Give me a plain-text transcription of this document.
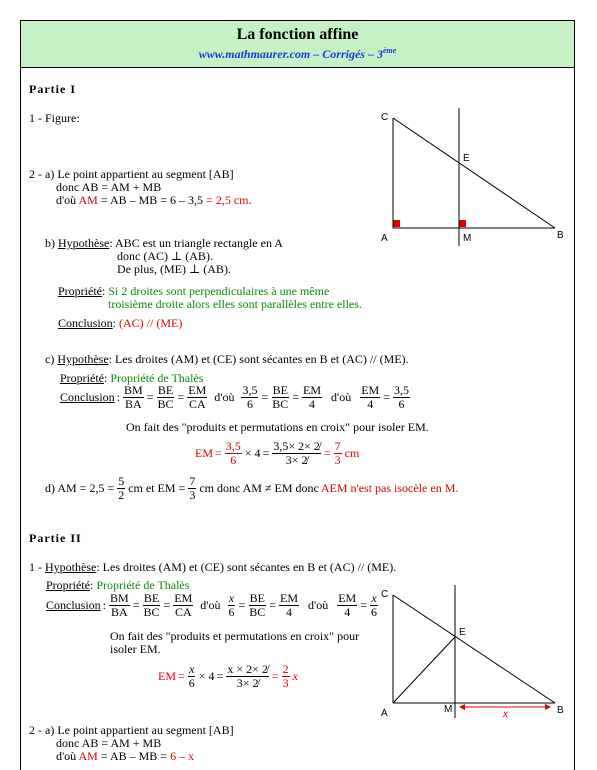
La fonction affine
www.mathmaurer.com – Corrigés – 3ème
Partie I
1 - Figure:
2 - a) Le point appartient au segment [AB]
donc AB = AM + MB
d'où AM = AB – MB = 6 – 3,5 = 2,5 cm.
b) Hypothèse: ABC est un triangle rectangle en A
donc (AC) ⊥ (AB).
De plus, (ME) ⊥ (AB).
Propriété: Si 2 droites sont perpendiculaires à une même
troisième droite alors elles sont parallèles entre elles.
Conclusion: (AC) // (ME)
c) Hypothèse: Les droites (AM) et (CE) sont sécantes en B et (AC) // (ME).
Propriété: Propriété de Thalès
Conclusion : $\frac{BM}{BA} = \frac{BE}{BC} = \frac{EM}{CA}$ d'où $\frac{3,5}{6} = \frac{BE}{BC} = \frac{EM}{4}$ d'où $\frac{EM}{4} = \frac{3,5}{6}$
On fait des "produits et permutations en croix" pour isoler EM.
EM = $\frac{3,5}{6} \times 4 = \frac{3,5\times 2\times 2̸}{3\times 2̸} = \frac{7}{3}$ cm
d) AM = $2,5 = \frac{5}{2}$ cm et EM = $\frac{7}{3}$ cm donc AM ≠ EM donc AEM n'est pas isocèle en M.
C
E
A	M	B
Partie II
1 - Hypothèse: Les droites (AM) et (CE) sont sécantes en B et (AC) // (ME).
Propriété: Propriété de Thalès
Conclusion : $\frac{BM}{BA} = \frac{BE}{BC} = \frac{EM}{CA}$ d'où $\frac{x}{6} = \frac{BE}{BC} = \frac{EM}{4}$ d'où $\frac{EM}{4} = \frac{x}{6}$
On fait des "produits et permutations en croix" pour
isoler EM.
EM = $\frac{x}{6} \times 4 = \frac{x \times 2\times 2̸}{3\times 2̸} = \frac{2}{3}$ x
2 - a) Le point appartient au segment [AB]
donc AB = AM + MB
d'où AM = AB – MB = 6 – x
C
E
A	M	B
x
